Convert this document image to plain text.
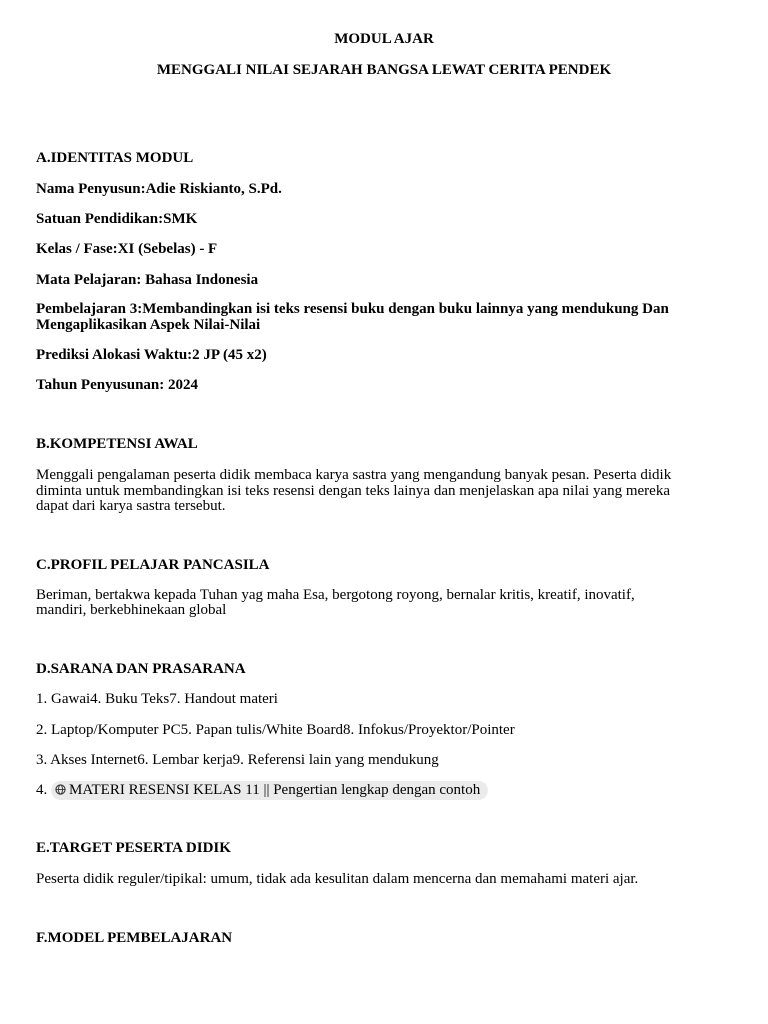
MODUL AJAR

MENGGALI NILAI SEJARAH BANGSA LEWAT CERITA PENDEK

A.IDENTITAS MODUL

Nama Penyusun:Adie Riskianto, S.Pd.

Satuan Pendidikan:SMK

Kelas / Fase:XI (Sebelas) - F

Mata Pelajaran: Bahasa Indonesia

Pembelajaran 3:Membandingkan isi teks resensi buku dengan buku lainnya yang mendukung Dan

Mengaplikasikan Aspek Nilai-Nilai

Prediksi Alokasi Waktu:2 JP (45 x2)

Tahun Penyusunan: 2024

B.KOMPETENSI AWAL

Menggali pengalaman peserta didik membaca karya sastra yang mengandung banyak pesan. Peserta didik

diminta untuk membandingkan isi teks resensi dengan teks lainya dan menjelaskan apa nilai yang mereka

dapat dari karya sastra tersebut.

C.PROFIL PELAJAR PANCASILA

Beriman, bertakwa kepada Tuhan yag maha Esa, bergotong royong, bernalar kritis, kreatif, inovatif,

mandiri, berkebhinekaan global

D.SARANA DAN PRASARANA

1. Gawai4. Buku Teks7. Handout materi

2. Laptop/Komputer PC5. Papan tulis/White Board8. Infokus/Proyektor/Pointer

3. Akses Internet6. Lembar kerja9. Referensi lain yang mendukung

4. MATERI RESENSI KELAS 11 || Pengertian lengkap dengan contoh

E.TARGET PESERTA DIDIK

Peserta didik reguler/tipikal: umum, tidak ada kesulitan dalam mencerna dan memahami materi ajar.

F.MODEL PEMBELAJARAN
